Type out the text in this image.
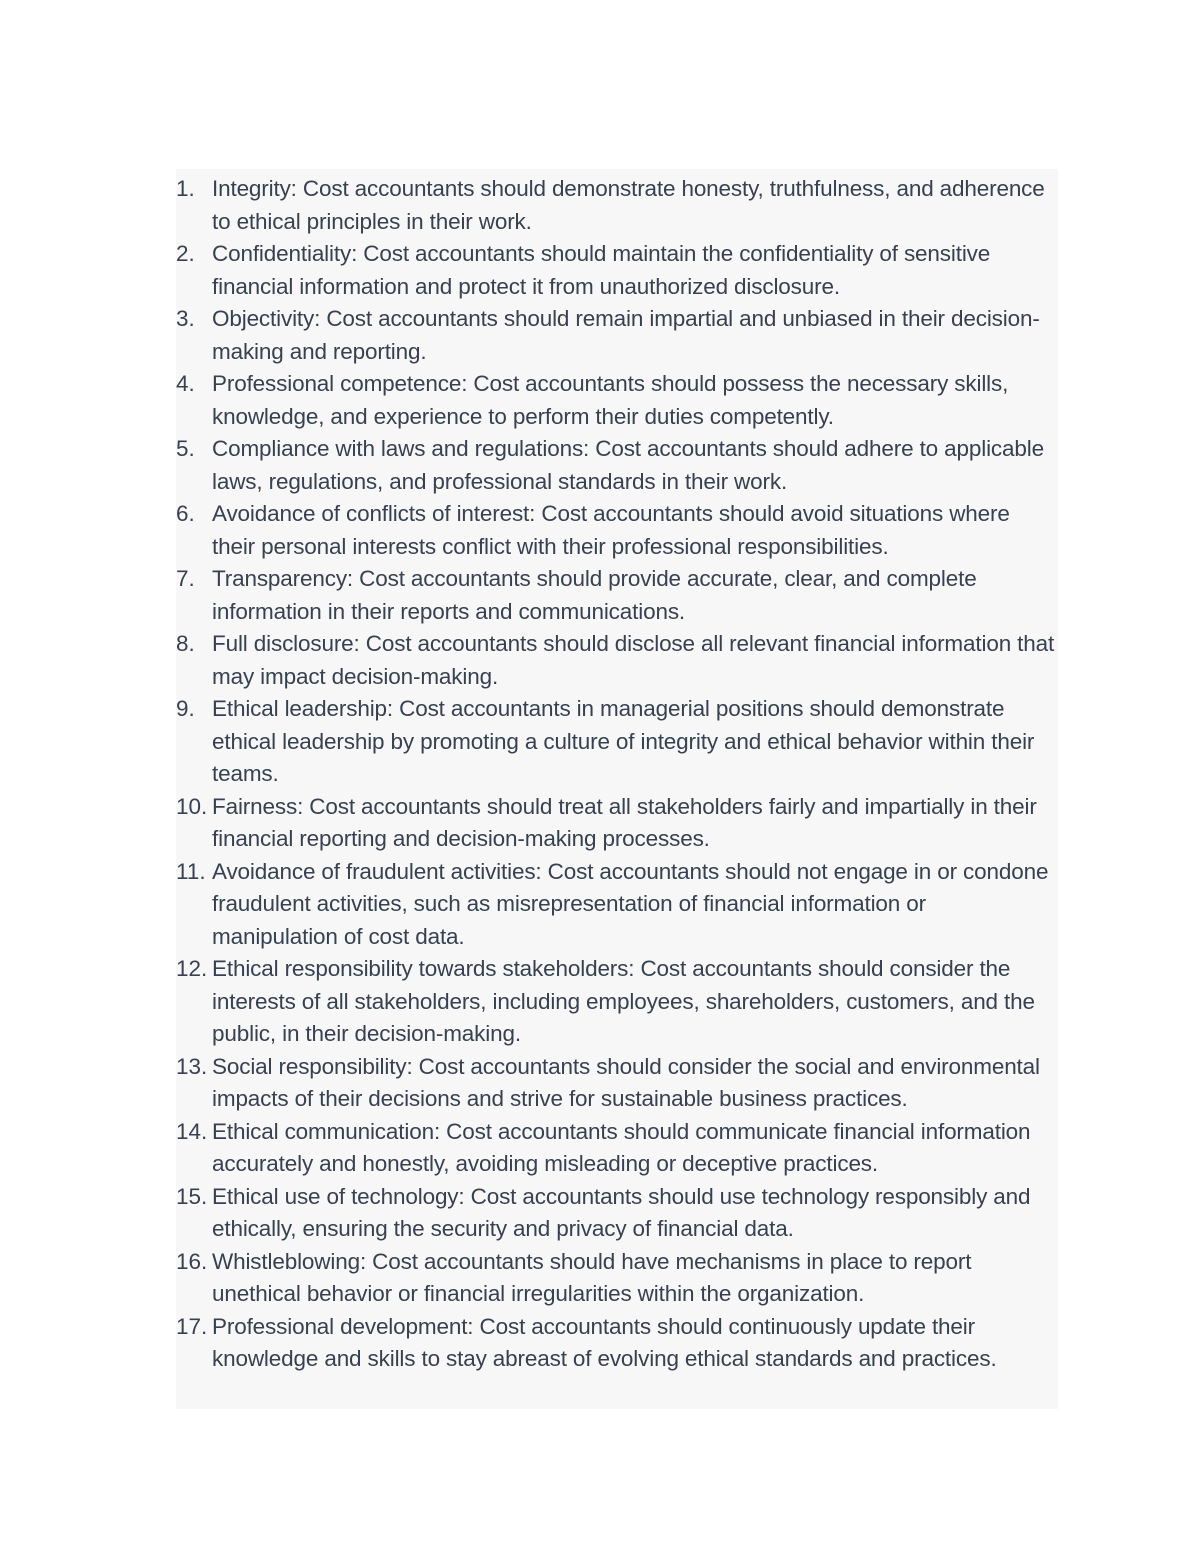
1. Integrity: Cost accountants should demonstrate honesty, truthfulness, and adherence to ethical principles in their work.
2. Confidentiality: Cost accountants should maintain the confidentiality of sensitive financial information and protect it from unauthorized disclosure.
3. Objectivity: Cost accountants should remain impartial and unbiased in their decision-making and reporting.
4. Professional competence: Cost accountants should possess the necessary skills, knowledge, and experience to perform their duties competently.
5. Compliance with laws and regulations: Cost accountants should adhere to applicable laws, regulations, and professional standards in their work.
6. Avoidance of conflicts of interest: Cost accountants should avoid situations where their personal interests conflict with their professional responsibilities.
7. Transparency: Cost accountants should provide accurate, clear, and complete information in their reports and communications.
8. Full disclosure: Cost accountants should disclose all relevant financial information that may impact decision-making.
9. Ethical leadership: Cost accountants in managerial positions should demonstrate ethical leadership by promoting a culture of integrity and ethical behavior within their teams.
10. Fairness: Cost accountants should treat all stakeholders fairly and impartially in their financial reporting and decision-making processes.
11. Avoidance of fraudulent activities: Cost accountants should not engage in or condone fraudulent activities, such as misrepresentation of financial information or manipulation of cost data.
12. Ethical responsibility towards stakeholders: Cost accountants should consider the interests of all stakeholders, including employees, shareholders, customers, and the public, in their decision-making.
13. Social responsibility: Cost accountants should consider the social and environmental impacts of their decisions and strive for sustainable business practices.
14. Ethical communication: Cost accountants should communicate financial information accurately and honestly, avoiding misleading or deceptive practices.
15. Ethical use of technology: Cost accountants should use technology responsibly and ethically, ensuring the security and privacy of financial data.
16. Whistleblowing: Cost accountants should have mechanisms in place to report unethical behavior or financial irregularities within the organization.
17. Professional development: Cost accountants should continuously update their knowledge and skills to stay abreast of evolving ethical standards and practices.
